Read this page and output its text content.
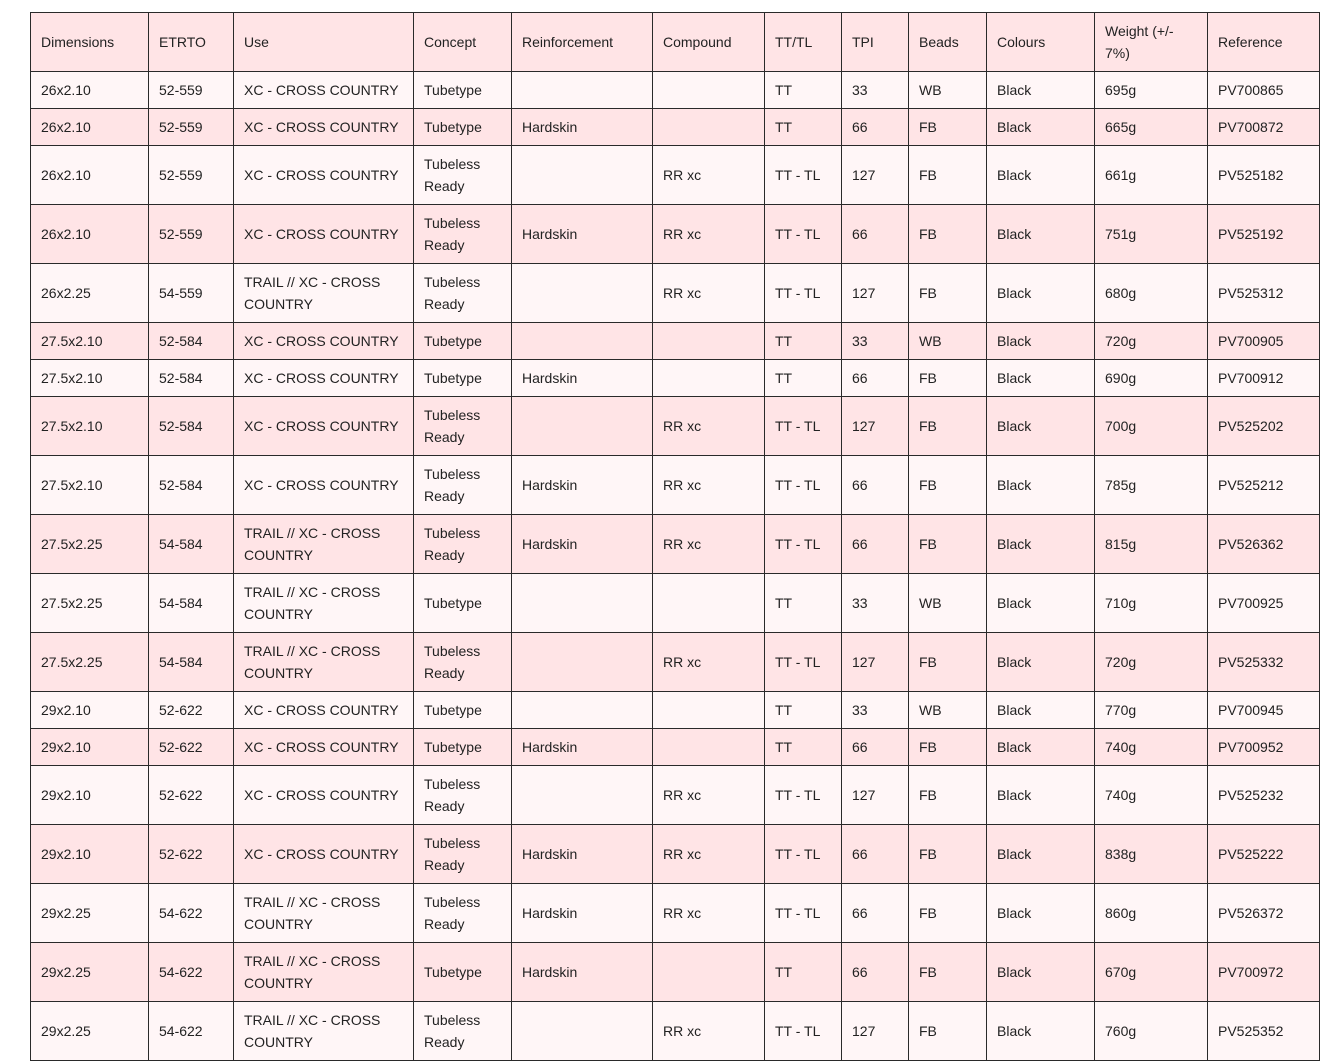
Dimensions	ETRTO	Use	Concept	Reinforcement	Compound	TT/TL	TPI	Beads	Colours	Weight (+/- 7%)	Reference
26x2.10	52-559	XC - CROSS COUNTRY	Tubetype			TT	33	WB	Black	695g	PV700865
26x2.10	52-559	XC - CROSS COUNTRY	Tubetype	Hardskin		TT	66	FB	Black	665g	PV700872
26x2.10	52-559	XC - CROSS COUNTRY	Tubeless Ready		RR xc	TT - TL	127	FB	Black	661g	PV525182
26x2.10	52-559	XC - CROSS COUNTRY	Tubeless Ready	Hardskin	RR xc	TT - TL	66	FB	Black	751g	PV525192
26x2.25	54-559	TRAIL // XC - CROSS COUNTRY	Tubeless Ready		RR xc	TT - TL	127	FB	Black	680g	PV525312
27.5x2.10	52-584	XC - CROSS COUNTRY	Tubetype			TT	33	WB	Black	720g	PV700905
27.5x2.10	52-584	XC - CROSS COUNTRY	Tubetype	Hardskin		TT	66	FB	Black	690g	PV700912
27.5x2.10	52-584	XC - CROSS COUNTRY	Tubeless Ready		RR xc	TT - TL	127	FB	Black	700g	PV525202
27.5x2.10	52-584	XC - CROSS COUNTRY	Tubeless Ready	Hardskin	RR xc	TT - TL	66	FB	Black	785g	PV525212
27.5x2.25	54-584	TRAIL // XC - CROSS COUNTRY	Tubeless Ready	Hardskin	RR xc	TT - TL	66	FB	Black	815g	PV526362
27.5x2.25	54-584	TRAIL // XC - CROSS COUNTRY	Tubetype			TT	33	WB	Black	710g	PV700925
27.5x2.25	54-584	TRAIL // XC - CROSS COUNTRY	Tubeless Ready		RR xc	TT - TL	127	FB	Black	720g	PV525332
29x2.10	52-622	XC - CROSS COUNTRY	Tubetype			TT	33	WB	Black	770g	PV700945
29x2.10	52-622	XC - CROSS COUNTRY	Tubetype	Hardskin		TT	66	FB	Black	740g	PV700952
29x2.10	52-622	XC - CROSS COUNTRY	Tubeless Ready		RR xc	TT - TL	127	FB	Black	740g	PV525232
29x2.10	52-622	XC - CROSS COUNTRY	Tubeless Ready	Hardskin	RR xc	TT - TL	66	FB	Black	838g	PV525222
29x2.25	54-622	TRAIL // XC - CROSS COUNTRY	Tubeless Ready	Hardskin	RR xc	TT - TL	66	FB	Black	860g	PV526372
29x2.25	54-622	TRAIL // XC - CROSS COUNTRY	Tubetype	Hardskin		TT	66	FB	Black	670g	PV700972
29x2.25	54-622	TRAIL // XC - CROSS COUNTRY	Tubeless Ready		RR xc	TT - TL	127	FB	Black	760g	PV525352
